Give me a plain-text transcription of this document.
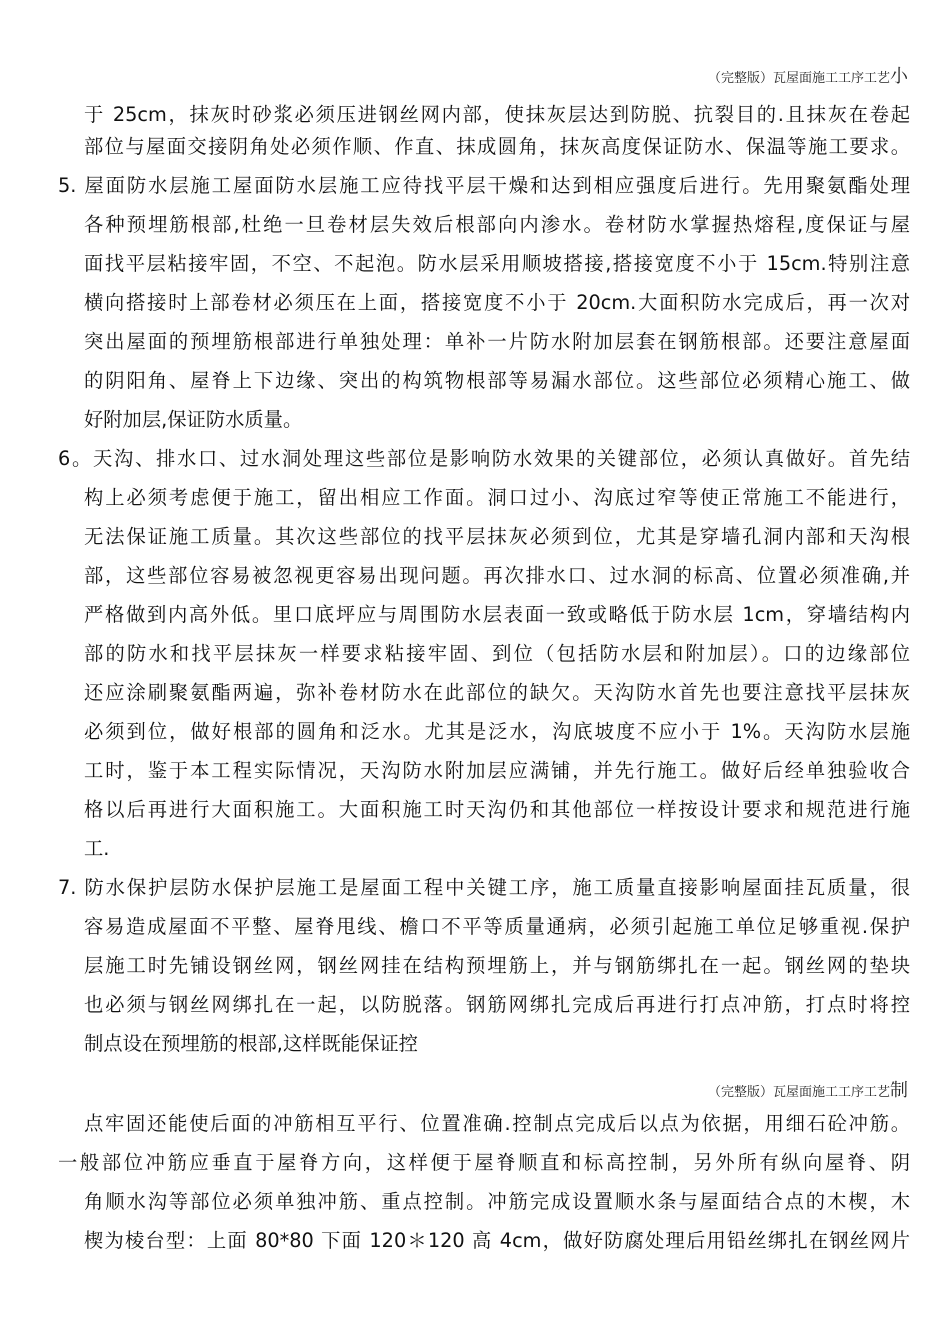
（完整版）瓦屋面施工工序工艺小
于 25cm，抹灰时砂浆必须压进钢丝网内部，使抹灰层达到防脱、抗裂目的.且抹灰在卷起
部位与屋面交接阴角处必须作顺、作直、抹成圆角，抹灰高度保证防水、保温等施工要求。
5. 屋面防水层施工屋面防水层施工应待找平层干燥和达到相应强度后进行。先用聚氨酯处理
各种预埋筋根部,杜绝一旦卷材层失效后根部向内渗水。卷材防水掌握热熔程,度保证与屋
面找平层粘接牢固，不空、不起泡。防水层采用顺坡搭接,搭接宽度不小于 15cm.特别注意
横向搭接时上部卷材必须压在上面，搭接宽度不小于 20cm.大面积防水完成后，再一次对
突出屋面的预埋筋根部进行单独处理：单补一片防水附加层套在钢筋根部。还要注意屋面
的阴阳角、屋脊上下边缘、突出的构筑物根部等易漏水部位。这些部位必须精心施工、做
好附加层,保证防水质量。
6。天沟、排水口、过水洞处理这些部位是影响防水效果的关键部位，必须认真做好。首先结
构上必须考虑便于施工，留出相应工作面。洞口过小、沟底过窄等使正常施工不能进行，
无法保证施工质量。其次这些部位的找平层抹灰必须到位，尤其是穿墙孔洞内部和天沟根
部，这些部位容易被忽视更容易出现问题。再次排水口、过水洞的标高、位置必须准确,并
严格做到内高外低。里口底坪应与周围防水层表面一致或略低于防水层 1cm，穿墙结构内
部的防水和找平层抹灰一样要求粘接牢固、到位（包括防水层和附加层）。口的边缘部位
还应涂刷聚氨酯两遍，弥补卷材防水在此部位的缺欠。天沟防水首先也要注意找平层抹灰
必须到位，做好根部的圆角和泛水。尤其是泛水，沟底坡度不应小于 1%。天沟防水层施
工时，鉴于本工程实际情况，天沟防水附加层应满铺，并先行施工。做好后经单独验收合
格以后再进行大面积施工。大面积施工时天沟仍和其他部位一样按设计要求和规范进行施
工.
7. 防水保护层防水保护层施工是屋面工程中关键工序，施工质量直接影响屋面挂瓦质量，很
容易造成屋面不平整、屋脊甩线、檐口不平等质量通病，必须引起施工单位足够重视.保护
层施工时先铺设钢丝网，钢丝网挂在结构预埋筋上，并与钢筋绑扎在一起。钢丝网的垫块
也必须与钢丝网绑扎在一起，以防脱落。钢筋网绑扎完成后再进行打点冲筋，打点时将控
制点设在预埋筋的根部,这样既能保证控
（完整版）瓦屋面施工工序工艺制
点牢固还能使后面的冲筋相互平行、位置准确.控制点完成后以点为依据，用细石砼冲筋。
一般部位冲筋应垂直于屋脊方向，这样便于屋脊顺直和标高控制，另外所有纵向屋脊、阴
角顺水沟等部位必须单独冲筋、重点控制。冲筋完成设置顺水条与屋面结合点的木楔，木
楔为棱台型：上面 80*80 下面 120＊120 高 4cm，做好防腐处理后用铅丝绑扎在钢丝网片
